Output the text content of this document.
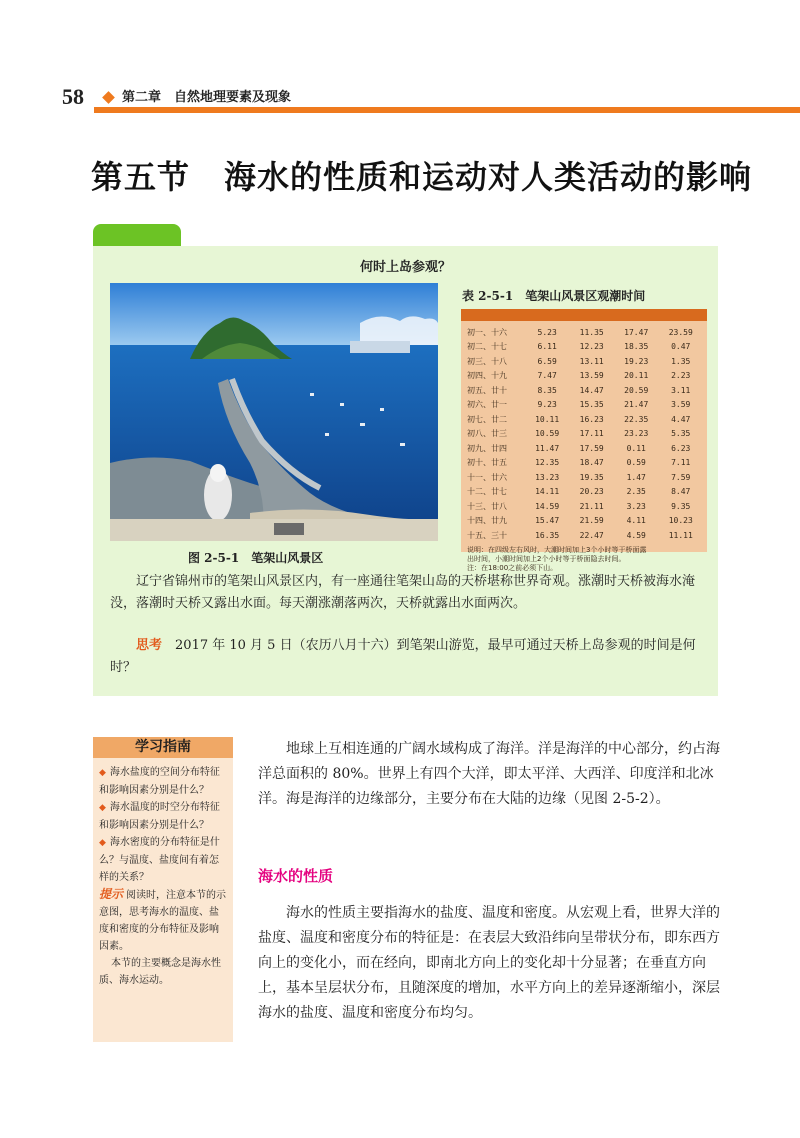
58	第二章　自然地理要素及现象
第五节 海水的性质和运动对人类活动的影响
何时上岛参观？
图 2-5-1　笔架山风景区
表 2-5-1　笔架山风景区观潮时间
初一、十六	5.23	11.35	17.47	23.59
初二、十七	6.11	12.23	18.35	0.47
初三、十八	6.59	13.11	19.23	1.35
初四、十九	7.47	13.59	20.11	2.23
初五、廿十	8.35	14.47	20.59	3.11
初六、廿一	9.23	15.35	21.47	3.59
初七、廿二	10.11	16.23	22.35	4.47
初八、廿三	10.59	17.11	23.23	5.35
初九、廿四	11.47	17.59	0.11	6.23
初十、廿五	12.35	18.47	0.59	7.11
十一、廿六	13.23	19.35	1.47	7.59
十二、廿七	14.11	20.23	2.35	8.47
十三、廿八	14.59	21.11	3.23	9.35
十四、廿九	15.47	21.59	4.11	10.23
十五、三十	16.35	22.47	4.59	11.11
说明：在四级左右风时，大潮时间加上3个小时等于桥面露
出时间，小潮时间加上2个小时等于桥面隐去时间。
注：在18:00之前必须下山。

辽宁省锦州市的笔架山风景区内，有一座通往笔架山岛的天桥堪称世界奇观。涨潮时天桥被海水淹没，落潮时天桥又露出水面。每天潮涨潮落两次，天桥就露出水面两次。

思考　 2017 年 10 月 5 日（农历八月十六）到笔架山游览，最早可通过天桥上岛参观的时间是何时？

学习指南
◆ 海水盐度的空间分布特征和影响因素分别是什么？
◆ 海水温度的时空分布特征和影响因素分别是什么？
◆ 海水密度的分布特征是什么？与温度、盐度间有着怎样的关系？
提示 阅读时，注意本节的示意图，思考海水的温度、盐度和密度的分布特征及影响因素。
本节的主要概念是海水性质、海水运动。

地球上互相连通的广阔水域构成了海洋。洋是海洋的中心部分，约占海洋总面积的 80%。世界上有四个大洋，即太平洋、大西洋、印度洋和北冰洋。海是海洋的边缘部分，主要分布在大陆的边缘（见图 2-5-2）。

海水的性质

海水的性质主要指海水的盐度、温度和密度。从宏观上看，世界大洋的盐度、温度和密度分布的特征是：在表层大致沿纬向呈带状分布，即东西方向上的变化小，而在经向，即南北方向上的变化却十分显著；在垂直方向上，基本呈层状分布，且随深度的增加，水平方向上的差异逐渐缩小，深层海水的盐度、温度和密度分布均匀。
